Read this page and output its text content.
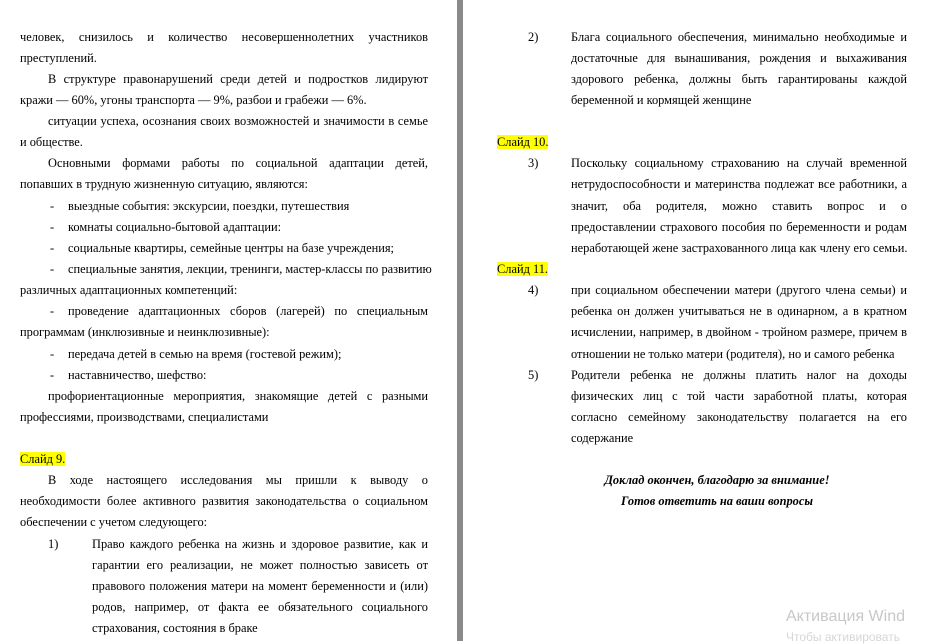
человек, снизилось и количество несовершеннолетних участников
преступлений.
В структуре правонарушений среди детей и подростков лидируют
кражи — 60%, угоны транспорта — 9%, разбои и грабежи — 6%.
ситуации успеха, осознания своих возможностей и значимости в семье
и обществе.
Основными формами работы по социальной адаптации детей,
попавших в трудную жизненную ситуацию, являются:
- выездные события: экскурсии, поездки, путешествия
- комнаты социально-бытовой адаптации:
- социальные квартиры, семейные центры на базе учреждения;
- специальные занятия, лекции, тренинги, мастер-классы по развитию
различных адаптационных компетенций:
- проведение адаптационных сборов (лагерей) по специальным
программам (инклюзивные и неинклюзивные):
- передача детей в семью на время (гостевой режим);
- наставничество, шефство:
профориентационные мероприятия, знакомящие детей с разными
профессиями, производствами, специалистами
Слайд 9.
В ходе настоящего исследования мы пришли к выводу о
необходимости более активного развития законодательства о социальном
обеспечении с учетом следующего:
1)	Право каждого ребенка на жизнь и здоровое развитие, как и
гарантии его реализации, не может полностью зависеть от
правового положения матери на момент беременности и (или)
родов, например, от факта ее обязательного социального
страхования, состояния в браке
2)	Блага социального обеспечения, минимально необходимые и
достаточные для вынашивания, рождения и выхаживания
здорового ребенка, должны быть гарантированы каждой
беременной и кормящей женщине
Слайд 10.
3)	Поскольку социальному страхованию на случай временной
нетрудоспособности и материнства подлежат все работники, а
значит, оба родителя, можно ставить вопрос и о
предоставлении страхового пособия по беременности и родам
неработающей жене застрахованного лица как члену его семьи.
Слайд 11.
4)	при социальном обеспечении матери (другого члена семьи) и
ребенка он должен учитываться не в одинарном, а в кратном
исчислении, например, в двойном - тройном размере, причем в
отношении не только матери (родителя), но и самого ребенка
5)	Родители ребенка не должны платить налог на доходы
физических лиц с той части заработной платы, которая
согласно семейному законодательству полагается на его
содержание
Доклад окончен, благодарю за внимание!
Готов ответить на ваши вопросы
Активация Wind
Чтобы активировать
